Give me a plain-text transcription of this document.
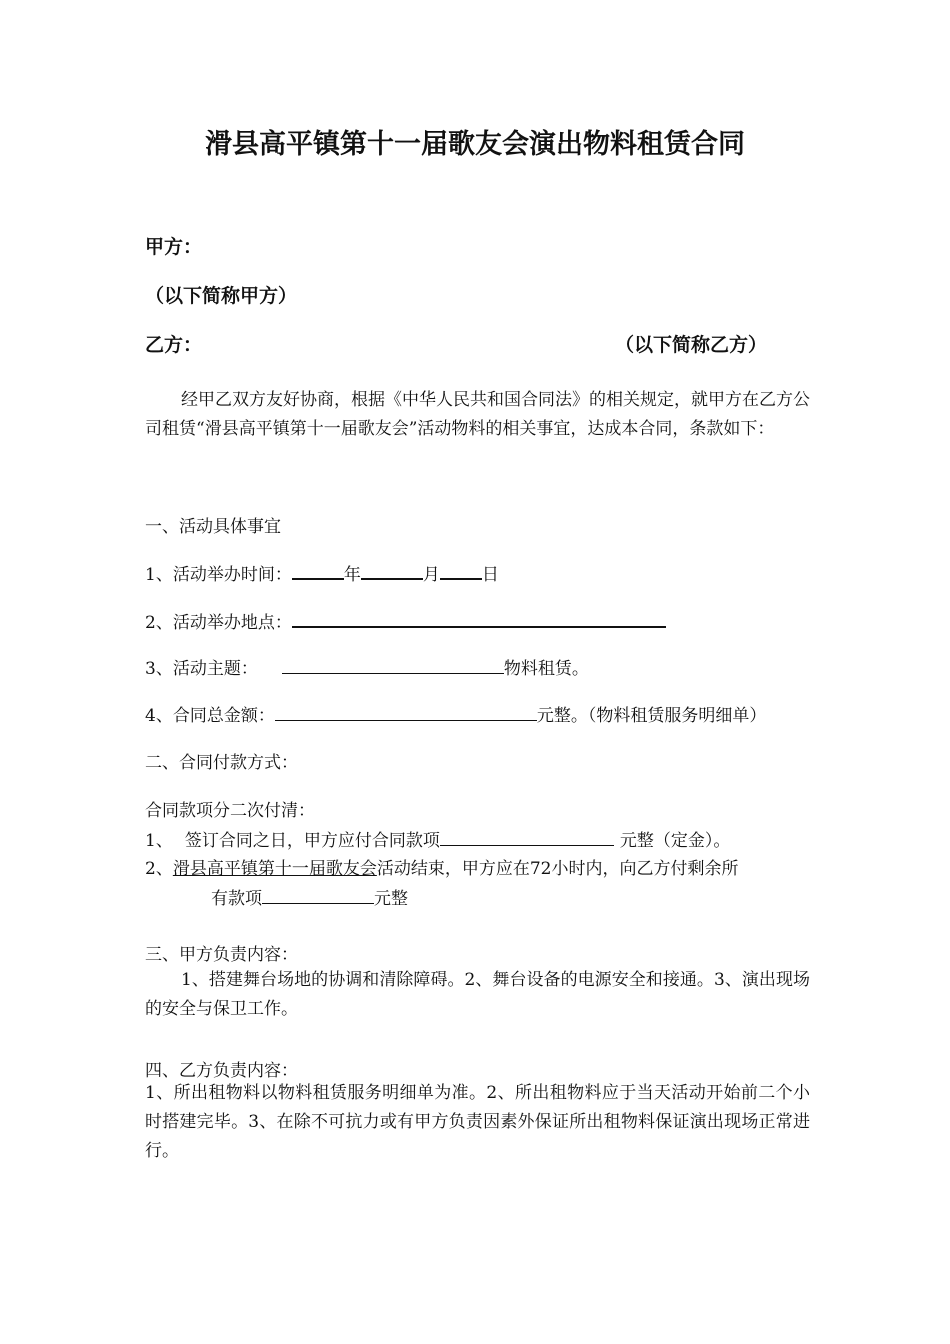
滑县高平镇第十一届歌友会演出物料租赁合同
甲方：
（以下简称甲方）
乙方：	（以下简称乙方）
经甲乙双方友好协商，根据《中华人民共和国合同法》的相关规定，就甲方在乙方公司租赁“滑县高平镇第十一届歌友会”活动物料的相关事宜，达成本合同，条款如下：
一、活动具体事宜
1、活动举办时间：	年	月 日
2、活动举办地点：
3、活动主题：	物料租赁。
4、合同总金额：	元整。（物料租赁服务明细单）
二、合同付款方式：
合同款项分二次付清：
1、 签订合同之日，甲方应付合同款项	元整（定金）。
2、滑县高平镇第十一届歌友会活动结束，甲方应在72小时内，向乙方付剩余所
有款项	元整
三、甲方负责内容：
1、搭建舞台场地的协调和清除障碍。2、舞台设备的电源安全和接通。3、演出现场的安全与保卫工作。
四、乙方负责内容：
1、所出租物料以物料租赁服务明细单为准。2、所出租物料应于当天活动开始前二个小时搭建完毕。3、在除不可抗力或有甲方负责因素外保证所出租物料保证演出现场正常进行。
